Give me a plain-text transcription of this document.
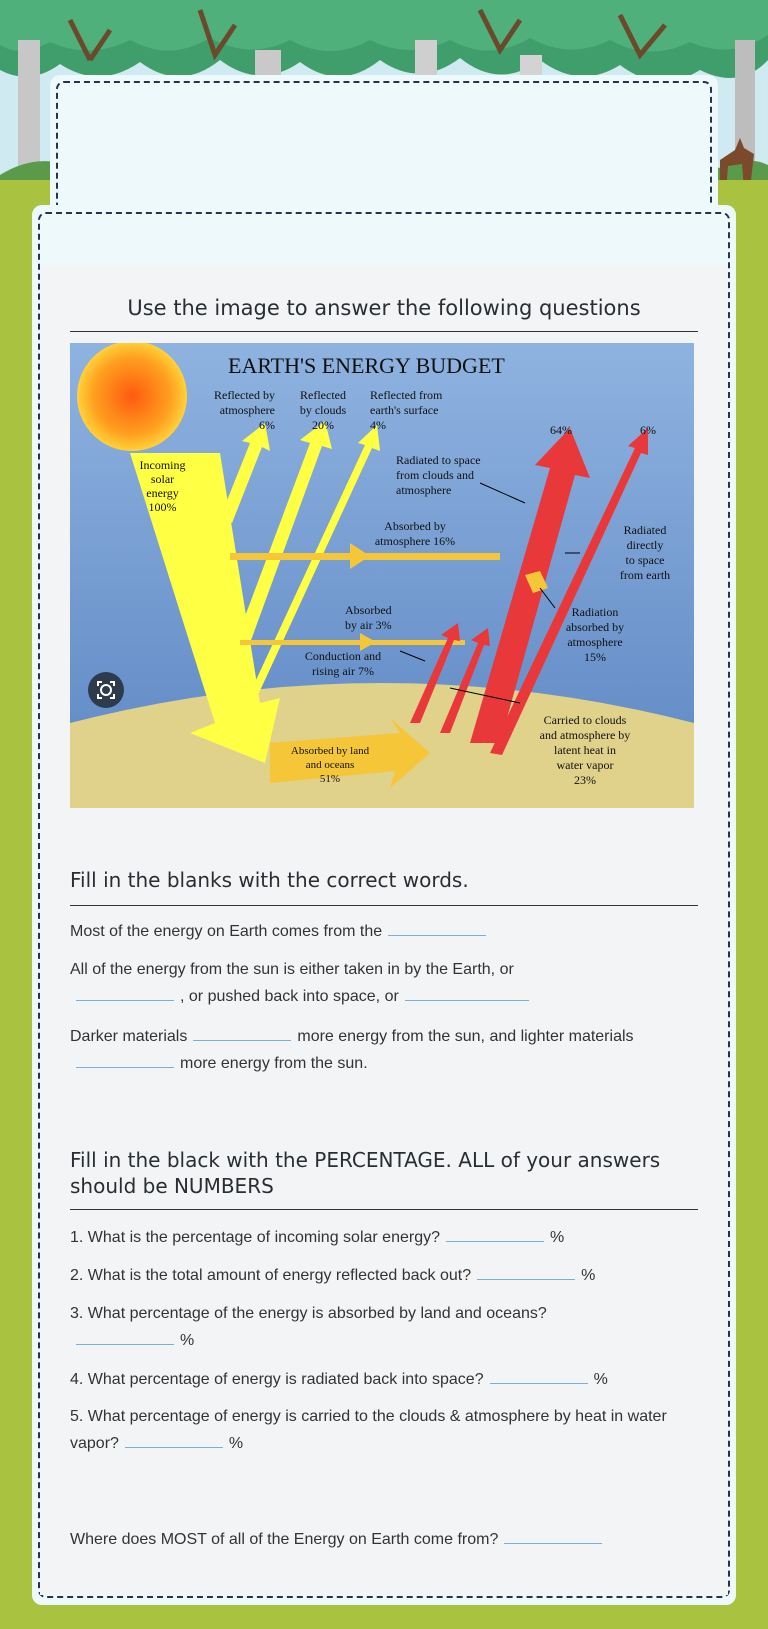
Use the image to answer the following questions
EARTH'S ENERGY BUDGET
Reflected by
atmosphere
6%
Reflected
by clouds
20%
Reflected from
earth's surface
4%
Incoming
solar
energy
100%
Radiated to space
from clouds and
atmosphere
64%	6%
Absorbed by
atmosphere 16%
Radiated
directly
to space
from earth
Absorbed
by air 3%
Conduction and
rising air 7%
Radiation
absorbed by
atmosphere
15%
Carried to clouds
and atmosphere by
latent heat in
water vapor
23%
Absorbed by land
and oceans
51%
Fill in the blanks with the correct words.
Most of the energy on Earth comes from the
All of the energy from the sun is either taken in by the Earth, or
, or pushed back into space, or
Darker materials	more energy from the sun, and lighter materialsmore energy from the sun.
Fill in the black with the PERCENTAGE. ALL of your answers should be NUMBERS
1. What is the percentage of incoming solar energy?	%
2. What is the total amount of energy reflected back out?	%
3. What percentage of the energy is absorbed by land and oceans?
%
4. What percentage of energy is radiated back into space?	%
5. What percentage of energy is carried to the clouds & atmosphere by heat in water vapor?	%
Where does MOST of all of the Energy on Earth come from?
